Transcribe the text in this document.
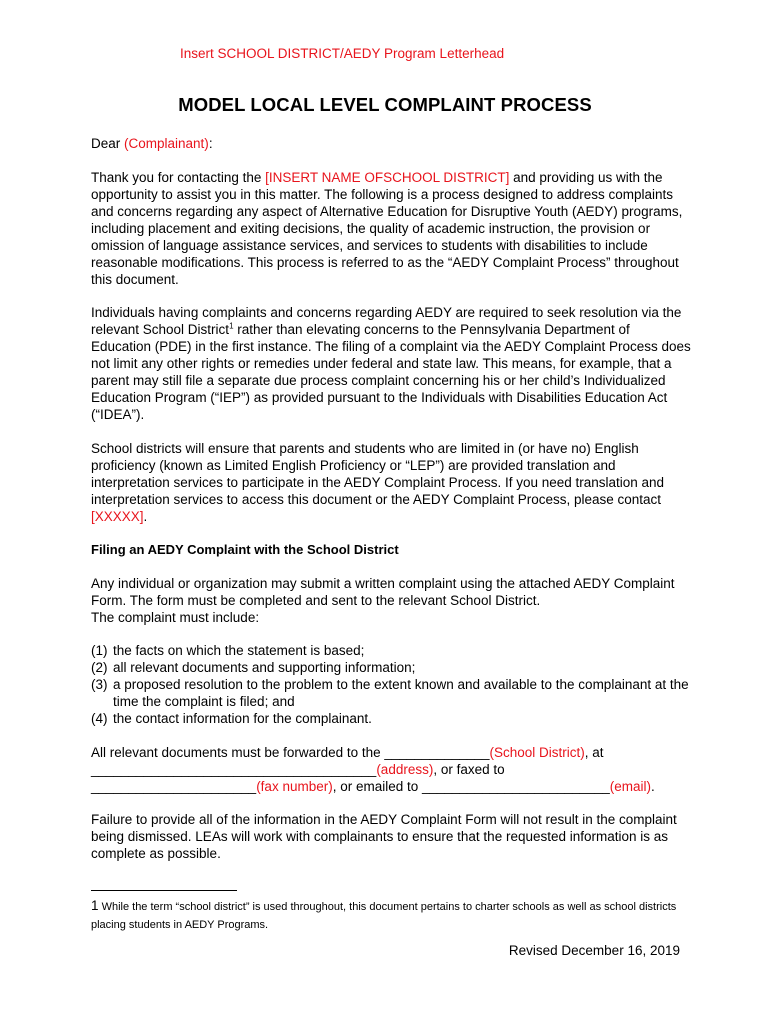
Insert SCHOOL DISTRICT/AEDY Program Letterhead
MODEL LOCAL LEVEL COMPLAINT PROCESS

Dear (Complainant):

Thank you for contacting the [INSERT NAME OFSCHOOL DISTRICT] and providing us with the opportunity to assist you in this matter. The following is a process designed to address complaints and concerns regarding any aspect of Alternative Education for Disruptive Youth (AEDY) programs, including placement and exiting decisions, the quality of academic instruction, the provision or omission of language assistance services, and services to students with disabilities to include reasonable modifications. This process is referred to as the “AEDY Complaint Process” throughout this document.

Individuals having complaints and concerns regarding AEDY are required to seek resolution via the relevant School District$^1$ rather than elevating concerns to the Pennsylvania Department of Education (PDE) in the first instance. The filing of a complaint via the AEDY Complaint Process does not limit any other rights or remedies under federal and state law. This means, for example, that a parent may still file a separate due process complaint concerning his or her child’s Individualized Education Program (“IEP”) as provided pursuant to the Individuals with Disabilities Education Act (“IDEA”).

School districts will ensure that parents and students who are limited in (or have no) English proficiency (known as Limited English Proficiency or “LEP”) are provided translation and interpretation services to participate in the AEDY Complaint Process. If you need translation and interpretation services to access this document or the AEDY Complaint Process, please contact [XXXXX].

Filing an AEDY Complaint with the School District

Any individual or organization may submit a written complaint using the attached AEDY Complaint Form. The form must be completed and sent to the relevant School District.
The complaint must include:

(1) the facts on which the statement is based;
(2) all relevant documents and supporting information;
(3) a proposed resolution to the problem to the extent known and available to the complainant at the time the complaint is filed; and
(4) the contact information for the complainant.

All relevant documents must be forwarded to the ______________(School District), at ______________________________________(address), or faxed to ______________________(fax number), or emailed to _________________________(email).

Failure to provide all of the information in the AEDY Complaint Form will not result in the complaint being dismissed. LEAs will work with complainants to ensure that the requested information is as complete as possible.

1 While the term “school district” is used throughout, this document pertains to charter schools as well as school districts placing students in AEDY Programs.
Revised December 16, 2019
